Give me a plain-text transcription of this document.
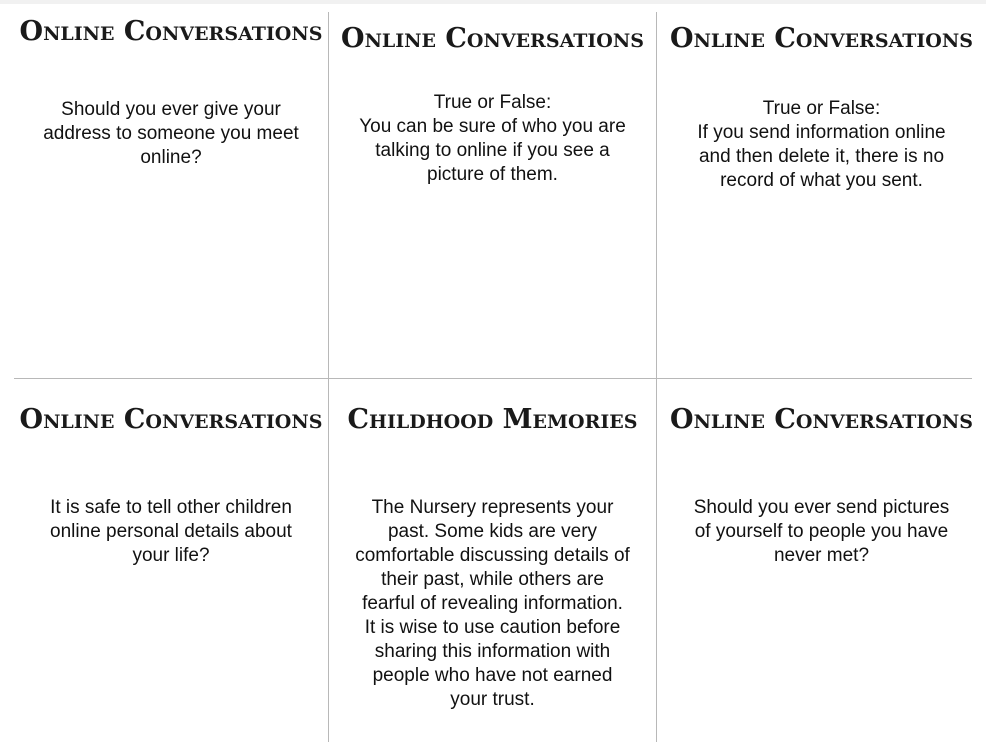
Online Conversations

Should you ever give your
address to someone you meet
online?

Online Conversations

True or False:
You can be sure of who you are
talking to online if you see a
picture of them.

Online Conversations

True or False:
If you send information online
and then delete it, there is no
record of what you sent.

Online Conversations

It is safe to tell other children
online personal details about
your life?

Childhood Memories

The Nursery represents your
past. Some kids are very
comfortable discussing details of
their past, while others are
fearful of revealing information.
It is wise to use caution before
sharing this information with
people who have not earned
your trust.

Online Conversations

Should you ever send pictures
of yourself to people you have
never met?
